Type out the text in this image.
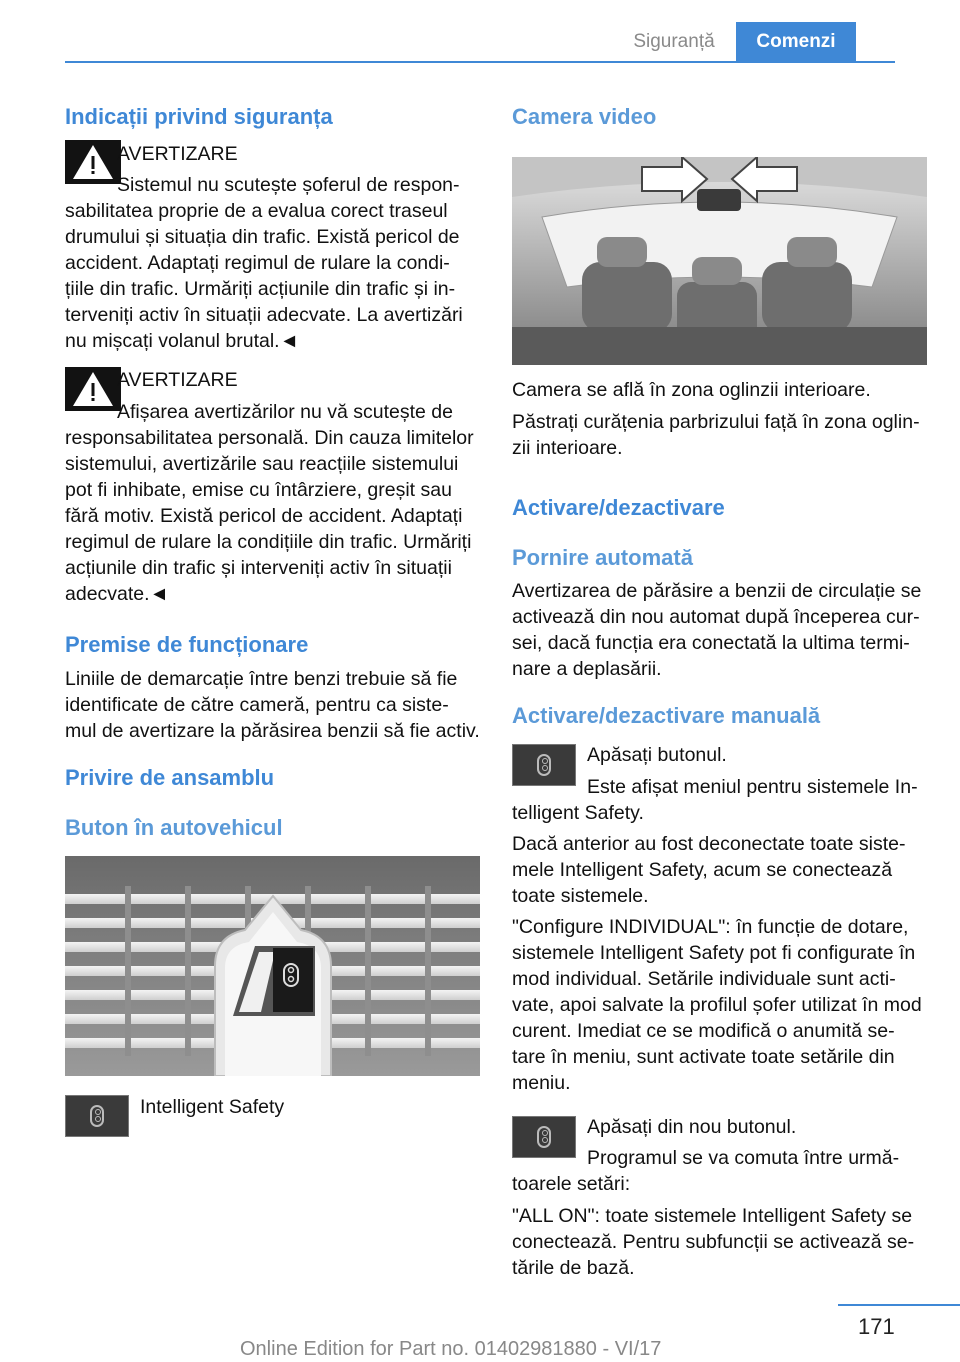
Siguranță	Comenzi
Indicații privind siguranța
AVERTIZARE
Sistemul nu scutește șoferul de respon-
sabilitatea proprie de a evalua corect traseul
drumului și situația din trafic. Există pericol de
accident. Adaptați regimul de rulare la condi-
țiile din trafic. Urmăriți acțiunile din trafic și in-
terveniți activ în situații adecvate. La avertizări
nu mișcați volanul brutal.◄
AVERTIZARE
Afișarea avertizărilor nu vă scutește de
responsabilitatea personală. Din cauza limitelor
sistemului, avertizările sau reacțiile sistemului
pot fi inhibate, emise cu întârziere, greșit sau
fără motiv. Există pericol de accident. Adaptați
regimul de rulare la condițiile din trafic. Urmăriți
acțiunile din trafic și interveniți activ în situații
adecvate.◄
Premise de funcționare
Liniile de demarcație între benzi trebuie să fie
identificate de către cameră, pentru ca siste-
mul de avertizare la părăsirea benzii să fie activ.
Privire de ansamblu
Buton în autovehicul
Intelligent Safety
Camera video
Camera se află în zona oglinzii interioare.
Păstrați curățenia parbrizului față în zona oglin-
zii interioare.
Activare/dezactivare
Pornire automată
Avertizarea de părăsire a benzii de circulație se
activează din nou automat după începerea cur-
sei, dacă funcția era conectată la ultima termi-
nare a deplasării.
Activare/dezactivare manuală
Apăsați butonul.
Este afișat meniul pentru sistemele In-
telligent Safety.
Dacă anterior au fost deconectate toate siste-
mele Intelligent Safety, acum se conectează
toate sistemele.
"Configure INDIVIDUAL": în funcție de dotare,
sistemele Intelligent Safety pot fi configurate în
mod individual. Setările individuale sunt acti-
vate, apoi salvate la profilul șofer utilizat în mod
curent. Imediat ce se modifică o anumită se-
tare în meniu, sunt activate toate setările din
meniu.
Apăsați din nou butonul.
Programul se va comuta între urmă-
toarele setări:
"ALL ON": toate sistemele Intelligent Safety se
conectează. Pentru subfuncții se activează se-
tările de bază.
171
Online Edition for Part no. 01402981880 - VI/17
